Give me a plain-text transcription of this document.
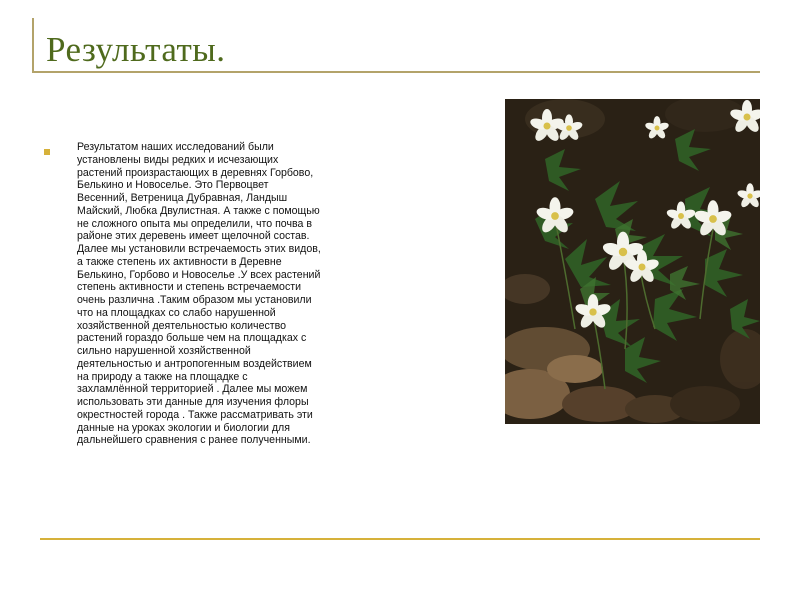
Результаты.

Результатом наших исследований были
установлены виды редких и исчезающих
растений произрастающих в деревнях Горбово,
Белькино и Новоселье. Это Первоцвет
Весенний, Ветреница Дубравная, Ландыш
Майский, Любка Двулистная. А также с помощью
не сложного опыта мы определили, что почва в
районе этих деревень имеет щелочной состав.
Далее мы установили встречаемость этих видов,
а также степень их активности в Деревне
Белькино, Горбово и Новоселье .У всех растений
степень активности и степень встречаемости
очень различна .Таким образом мы установили
что на площадках со слабо нарушенной
хозяйственной деятельностью количество
растений гораздо больше чем на площадках с
сильно нарушенной хозяйственной
деятельностью и антропогенным воздействием
на природу а также на площадке с
захламлённой территорией . Далее мы можем
использовать эти данные для изучения флоры
окрестностей города . Также рассматривать эти
данные на уроках экологии и биологии для
дальнейшего сравнения с ранее полученными.
